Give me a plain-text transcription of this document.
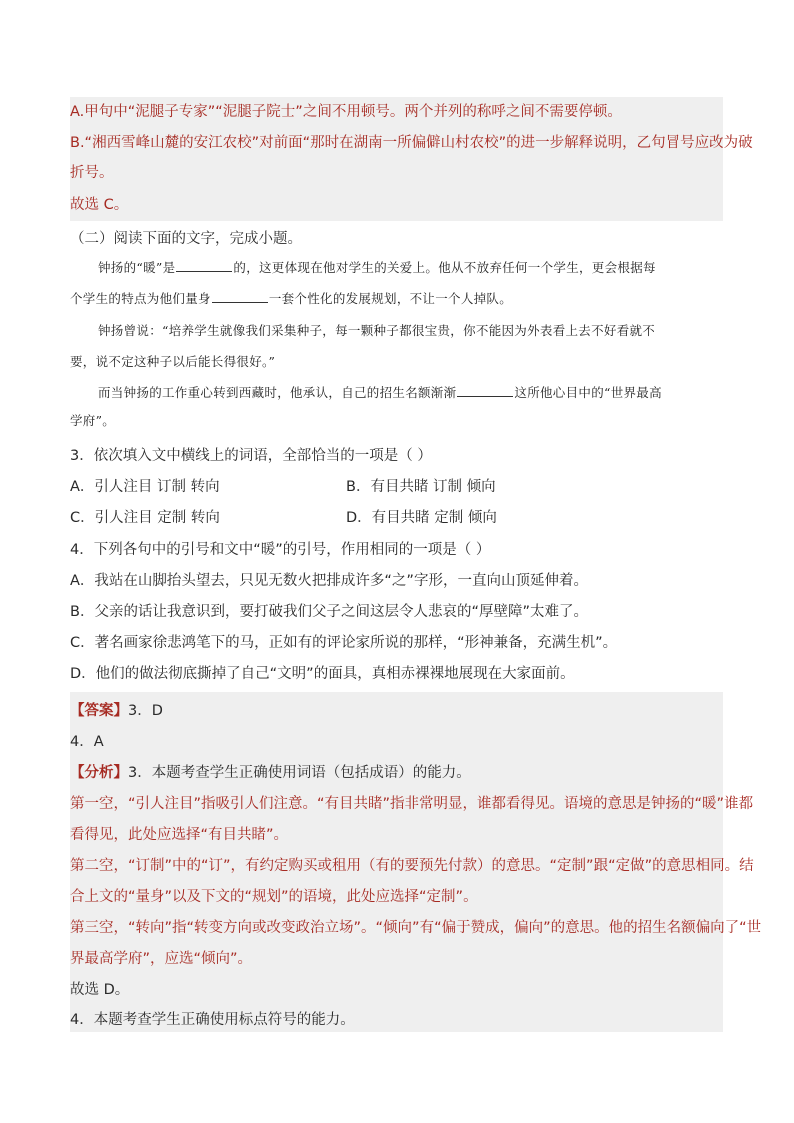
A.甲句中“泥腿子专家”“泥腿子院士”之间不用顿号。两个并列的称呼之间不需要停顿。
B.“湘西雪峰山麓的安江农校”对前面“那时在湖南一所偏僻山村农校”的进一步解释说明，乙句冒号应改为破
折号。
故选 C。
（二）阅读下面的文字，完成小题。
钟扬的“暖”是	的，这更体现在他对学生的关爱上。他从不放弃任何一个学生，更会根据每
个学生的特点为他们量身	一套个性化的发展规划，不让一个人掉队。
钟扬曾说：“培养学生就像我们采集种子，每一颗种子都很宝贵，你不能因为外表看上去不好看就不
要，说不定这种子以后能长得很好。”
而当钟扬的工作重心转到西藏时，他承认，自己的招生名额渐渐	这所他心目中的“世界最高
学府”。
3．依次填入文中横线上的词语，全部恰当的一项是（ ）
A．引人注目 订制 转向	B．有目共睹 订制 倾向
C．引人注目 定制 转向	D．有目共睹 定制 倾向
4．下列各句中的引号和文中“暖”的引号，作用相同的一项是（ ）
A．我站在山脚抬头望去，只见无数火把排成许多“之”字形，一直向山顶延伸着。
B．父亲的话让我意识到，要打破我们父子之间这层令人悲哀的“厚壁障”太难了。
C．著名画家徐悲鸿笔下的马，正如有的评论家所说的那样，“形神兼备，充满生机”。
D．他们的做法彻底撕掉了自己“文明”的面具，真相赤裸裸地展现在大家面前。
【答案】3．D
4．A
【分析】3．本题考查学生正确使用词语（包括成语）的能力。
第一空，“引人注目”指吸引人们注意。“有目共睹”指非常明显，谁都看得见。语境的意思是钟扬的“暖”谁都
看得见，此处应选择“有目共睹”。
第二空，“订制”中的“订”，有约定购买或租用（有的要预先付款）的意思。“定制”跟“定做”的意思相同。结
合上文的“量身”以及下文的“规划”的语境，此处应选择“定制”。
第三空，“转向”指“转变方向或改变政治立场”。“倾向”有“偏于赞成，偏向”的意思。他的招生名额偏向了“世
界最高学府”，应选“倾向”。
故选 D。
4．本题考查学生正确使用标点符号的能力。
